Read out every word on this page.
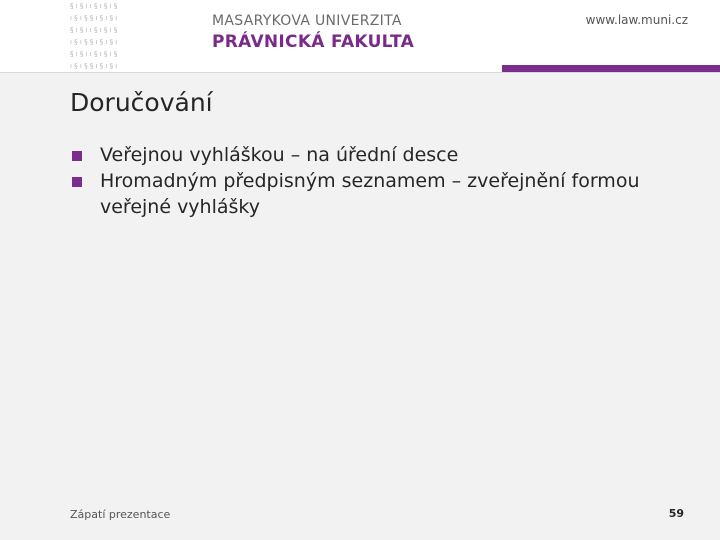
§ ı § ı ı § ı § ı §
ı § ı § § ı § ı § ı
§ ı § ı ı § ı § ı §
ı § ı § § ı § ı § ı
§ ı § ı ı § ı § ı §
ı § ı § § ı § ı § ı
MASARYKOVA UNIVERZITA
PRÁVNICKÁ FAKULTA
www.law.muni.cz
Doručování
Veřejnou vyhláškou – na úřední desce
Hromadným předpisným seznamem – zveřejnění formou veřejné vyhlášky
Zápatí prezentace	59
